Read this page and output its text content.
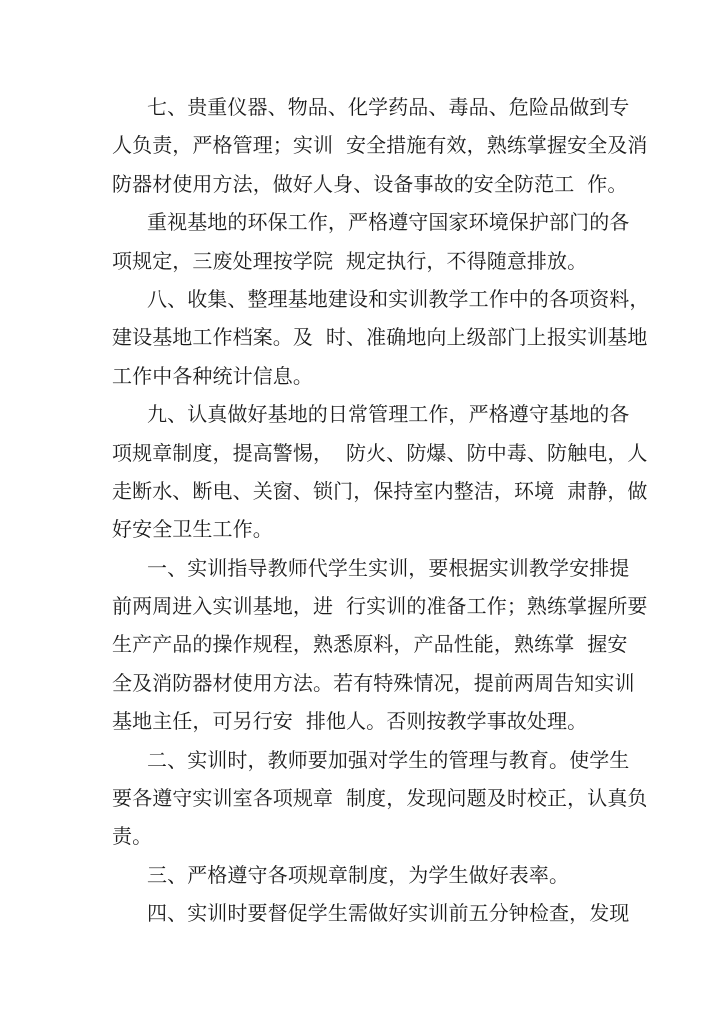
七、贵重仪器、物品、化学药品、毒品、危险品做到专
人负责，严格管理；实训  安全措施有效，熟练掌握安全及消
防器材使用方法，做好人身、设备事故的安全防范工  作。
重视基地的环保工作，严格遵守国家环境保护部门的各
项规定，三废处理按学院  规定执行，不得随意排放。
八、收集、整理基地建设和实训教学工作中的各项资料，
建设基地工作档案。及  时、准确地向上级部门上报实训基地
工作中各种统计信息。
九、认真做好基地的日常管理工作，严格遵守基地的各
项规章制度，提高警惕，  防火、防爆、防中毒、防触电，人
走断水、断电、关窗、锁门，保持室内整洁，环境  肃静，做
好安全卫生工作。
一、实训指导教师代学生实训，要根据实训教学安排提
前两周进入实训基地，进  行实训的准备工作；熟练掌握所要
生产产品的操作规程，熟悉原料，产品性能，熟练掌  握安
全及消防器材使用方法。若有特殊情况，提前两周告知实训
基地主任，可另行安  排他人。否则按教学事故处理。
二、实训时，教师要加强对学生的管理与教育。使学生
要各遵守实训室各项规章  制度，发现问题及时校正，认真负
责。
三、严格遵守各项规章制度，为学生做好表率。
四、实训时要督促学生需做好实训前五分钟检查，发现
